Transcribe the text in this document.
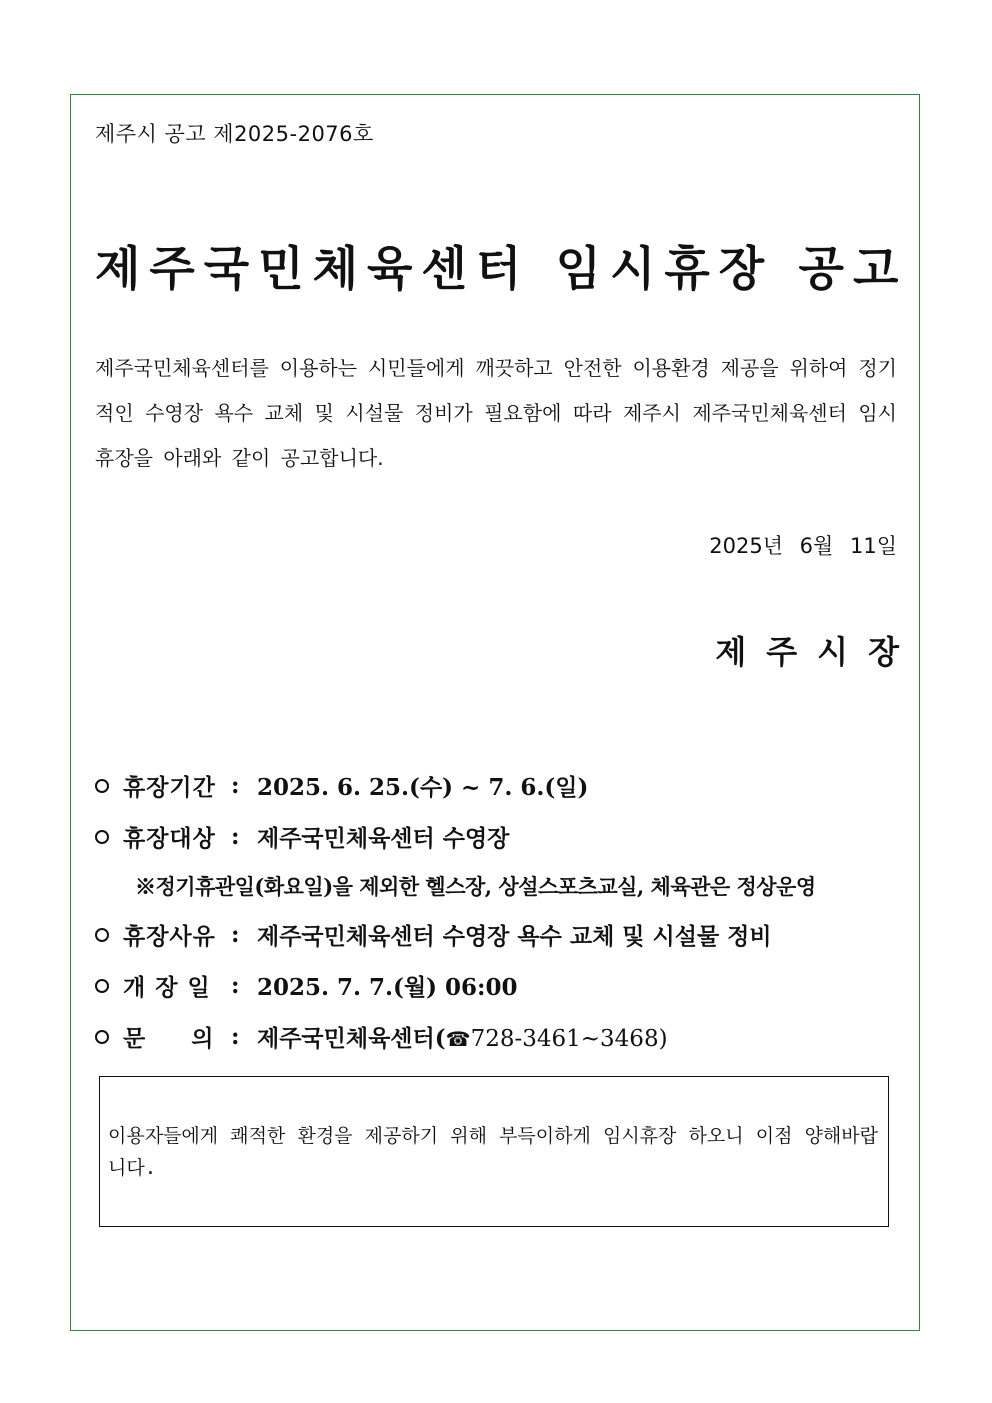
제주시 공고 제2025-2076호
제주국민체육센터 임시휴장 공고
제주국민체육센터를 이용하는 시민들에게 깨끗하고 안전한 이용환경 제공을 위하여 정기적인 수영장 욕수 교체 및 시설물 정비가 필요함에 따라 제주시 제주국민체육센터 임시휴장을 아래와 같이 공고합니다.
2025년 6월 11일
제주시장
휴장기간 : 2025. 6. 25.(수) ~ 7. 6.(일)
휴장대상 : 제주국민체육센터 수영장
※정기휴관일(화요일)을 제외한 헬스장, 상설스포츠교실, 체육관은 정상운영
휴장사유 : 제주국민체육센터 수영장 욕수 교체 및 시설물 정비
개 장 일 : 2025. 7. 7.(월) 06:00
문     의 : 제주국민체육센터(☎728-3461~3468)
이용자들에게 쾌적한 환경을 제공하기 위해 부득이하게 임시휴장 하오니 이점 양해바랍니다.
